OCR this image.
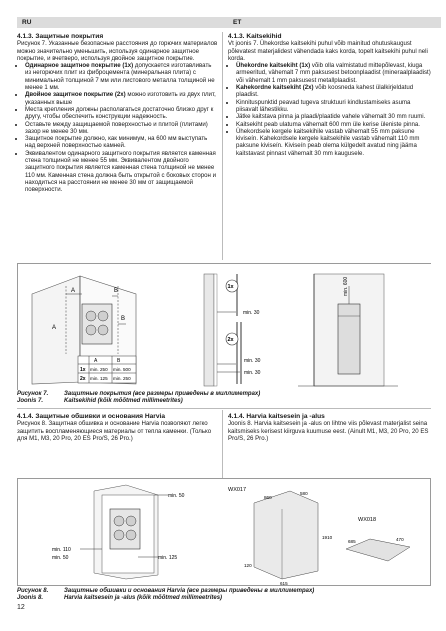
RU	ET

4.1.3. Защитные покрытия

Рисунок 7. Указанные безопасные расстояния до горючих материалов можно значительно уменьшить, используя одинарное защитное покрытие, и вчетверо, используя двойное защитное покрытие.

• Одинарное защитное покрытие (1x) допускается изготавливать из негорючих плит из фиброцемента (минеральная плита) с минимальной толщиной 7 мм или листового металла толщиной не менее 1 мм.
• Двойное защитное покрытие (2x) можно изготовить из двух плит, указанных выше
• Места крепления должны располагаться достаточно близко друг к другу, чтобы обеспечить конструкции надежность.
• Оставьте между защищаемой поверхностью и плитой (плитами) зазор не менее 30 мм.
• Защитное покрытие должно, как минимум, на 600 мм выступать над верхней поверхностью камней.
• Эквивалентом одинарного защитного покрытия является каменная стена толщиной не менее 55 мм. Эквивалентом двойного защитного покрытия является каменная стена толщиной не менее 110 мм. Каменная стена должна быть открытой с боковых сторон и находиться на расстоянии не менее 30 мм от защищаемой поверхности.

4.1.3. Kaitsekihid

Vt joonis 7. Ühekordse kaitsekihi puhul võib mainitud ohutuskaugust põlevatest materjalidest vähendada kaks korda, topelt kaitsekihi puhul neli korda.

• Ühekordne kaitsekiht (1x) võib olla valmistatud mittepõlevast, kiuga armeeritud, vähemalt 7 mm paksusest betoonplaadist (mineraalplaadist) või vähemalt 1 mm paksusest metallplaadist.
• Kahekordne kaitsekiht (2x) võib koosneda kahest ülalkirjeldatud plaadist.
• Kinnituspunktid peavad tugeva struktuuri kindlustamiseks asuma piisavalt lähestikku.
• Jätke kaitstava pinna ja plaadi/plaatide vahele vähemalt 30 mm ruumi.
• Kaitsekiht peab ulatuma vähemalt 600 mm üle kerise üleniste pinna.
• Ühekordsele kergele kaitsekihile vastab vähemalt 55 mm paksune kiviseín. Kahekordsele kergele kaitsekihile vastab vähemalt 110 mm paksune kiviseín. Kiviseín peab olema külgedelt avatud ning jääma kaitstavast pinnast vähemalt 30 mm kaugusele.
A	B
A
B
A	B
1x min. 250 min. 500
2x min. 125 min. 250
min. 30
min. 30
min. 30
1x
2x
min. 600
Рисунок 7.	Защитные покрытия (все размеры приведены в миллиметрах)
Joonis 7.	Kaitsekihid (kõik mõõtmed millimeetrites)

4.1.4. Защитные обшивки и основания Harvia

Рисунок 8. Защитная обшивка и основание Harvia позволяют легко защитить воспламеняющиеся материалы от тепла каменки. (Только для M1, M3, 20 Pro, 20 ES Pro/S, 26 Pro.)

4.1.4. Harvia kaitsesein ja -alus

Joonis 8. Harvia kaitsesein ja -alus on lihtne viis põlevast materjalist seina kaitsmiseks kerisest kiirguva kuumuse eest. (Ainult M1, M3, 20 Pro, 20 ES Pro/S, 26 Pro.)

min. 50
min. 110
min. 50	min. 125
WX017
860
580
1910
120
615
WX018
685	470
Рисунок 8.	Защитные обшивки и основания Harvia (все размеры приведены в миллиметрах)
Joonis 8.	Harvia kaitsesein ja -alus (kõik mõõtmed millimeetrites)
12
